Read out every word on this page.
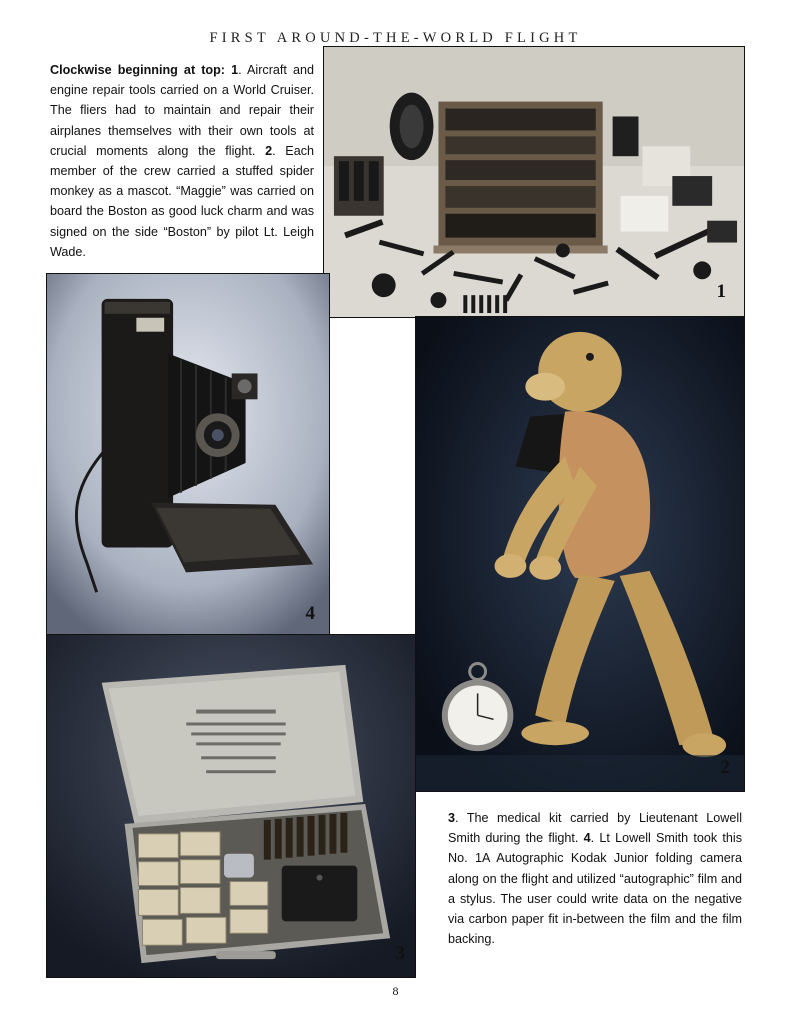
FIRST AROUND-THE-WORLD FLIGHT
Clockwise beginning at top: 1. Aircraft and engine repair tools carried on a World Cruiser. The fliers had to maintain and repair their airplanes themselves with their own tools at crucial moments along the flight. 2. Each member of the crew carried a stuffed spider monkey as a mascot. “Maggie” was carried on board the Boston as good luck charm and was signed on the side “Boston” by pilot Lt. Leigh Wade.
1
4
2
3
3. The medical kit carried by Lieutenant Lowell Smith during the flight. 4. Lt Lowell Smith took this No. 1A Autographic Kodak Junior folding camera along on the flight and utilized “autographic” film and a stylus. The user could write data on the negative via carbon paper fit in-between the film and the film backing.
8
